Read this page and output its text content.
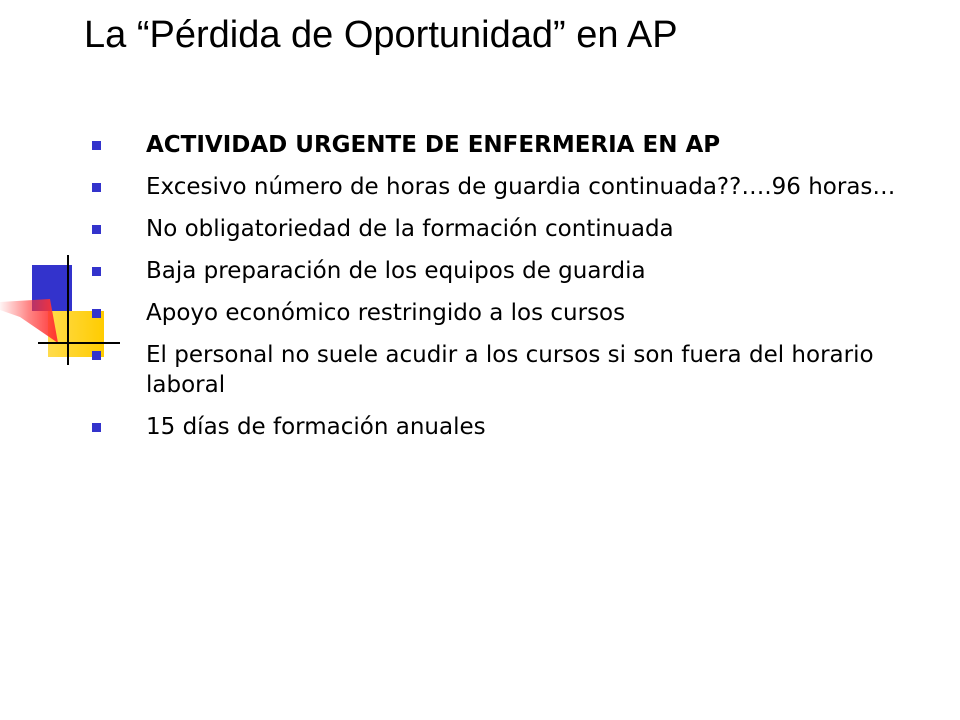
La “Pérdida de Oportunidad” en AP
ACTIVIDAD URGENTE DE ENFERMERIA EN AP
Excesivo número de horas de guardia continuada??….96 horas…
No obligatoriedad de la formación continuada
Baja preparación de los equipos de guardia
Apoyo económico restringido a los cursos
El personal no suele acudir a los cursos si son fuera del horario laboral
15 días de formación anuales
